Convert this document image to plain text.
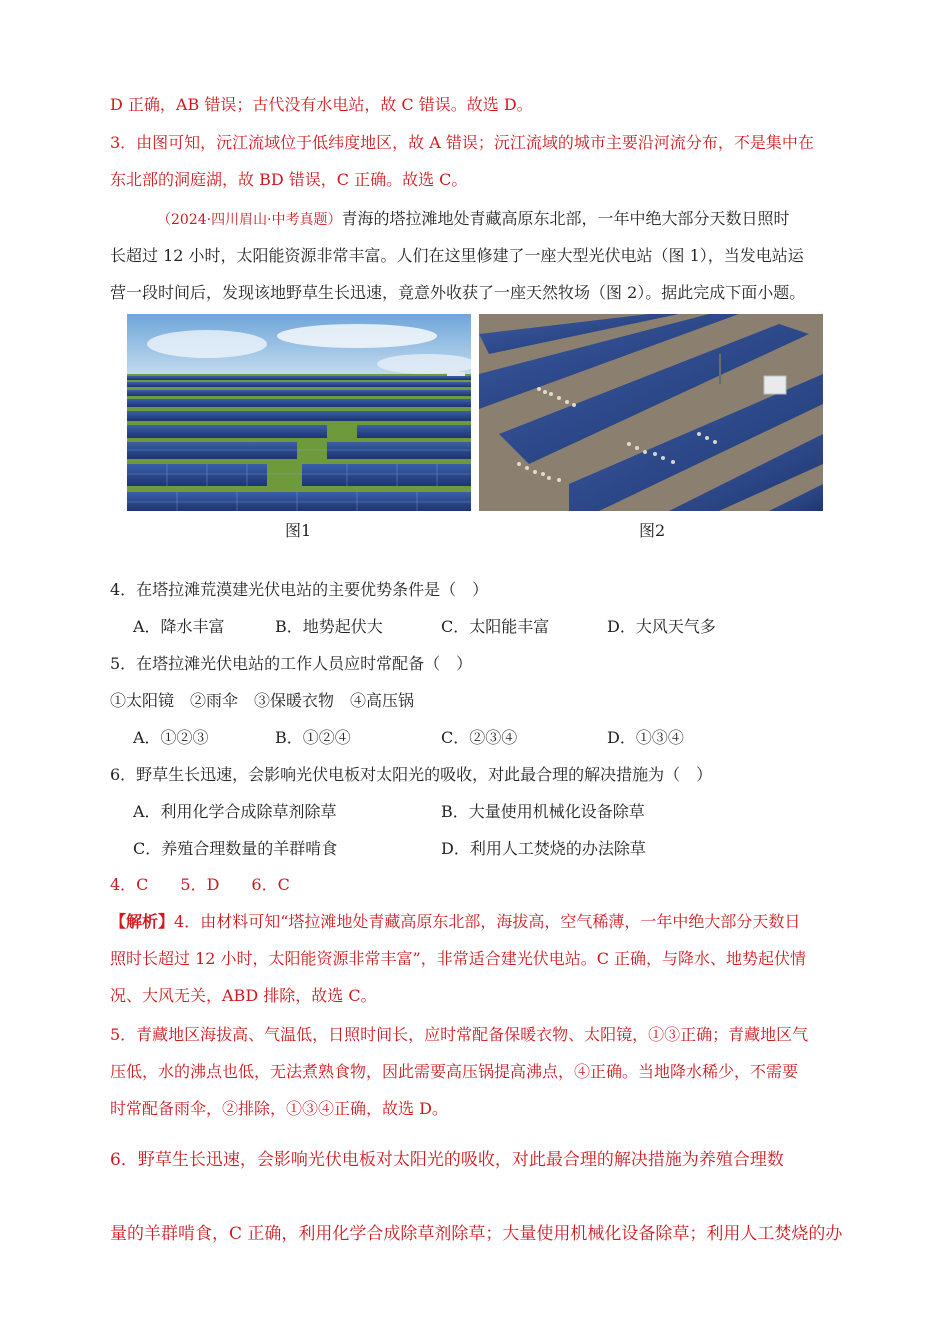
D 正确，AB 错误；古代没有水电站，故 C 错误。故选 D。
3．由图可知，沅江流域位于低纬度地区，故 A 错误；沅江流域的城市主要沿河流分布，不是集中在
东北部的洞庭湖，故 BD 错误，C 正确。故选 C。
（2024·四川眉山·中考真题）青海的塔拉滩地处青藏高原东北部，一年中绝大部分天数日照时
长超过 12 小时，太阳能资源非常丰富。人们在这里修建了一座大型光伏电站（图 1），当发电站运
营一段时间后，发现该地野草生长迅速，竟意外收获了一座天然牧场（图 2）。据此完成下面小题。
图1	图2
4．在塔拉滩荒漠建光伏电站的主要优势条件是（　）
A．降水丰富	B．地势起伏大	C．太阳能丰富	D．大风天气多
5．在塔拉滩光伏电站的工作人员应时常配备（　）
①太阳镜　②雨伞　③保暖衣物　④高压锅
A．①②③	B．①②④	C．②③④	D．①③④
6．野草生长迅速，会影响光伏电板对太阳光的吸收，对此最合理的解决措施为（　）
A．利用化学合成除草剂除草	B．大量使用机械化设备除草
C．养殖合理数量的羊群啃食	D．利用人工焚烧的办法除草
4．C　　5．D　　6．C
【解析】4．由材料可知“塔拉滩地处青藏高原东北部，海拔高，空气稀薄，一年中绝大部分天数日
照时长超过 12 小时，太阳能资源非常丰富”，非常适合建光伏电站。C 正确，与降水、地势起伏情
况、大风无关，ABD 排除，故选 C。
5．青藏地区海拔高、气温低，日照时间长，应时常配备保暖衣物、太阳镜，①③正确；青藏地区气
压低，水的沸点也低，无法煮熟食物，因此需要高压锅提高沸点，④正确。当地降水稀少，不需要
时常配备雨伞，②排除，①③④正确，故选 D。
6．野草生长迅速，会影响光伏电板对太阳光的吸收，对此最合理的解决措施为养殖合理数
量的羊群啃食，C 正确，利用化学合成除草剂除草；大量使用机械化设备除草；利用人工焚烧的办
